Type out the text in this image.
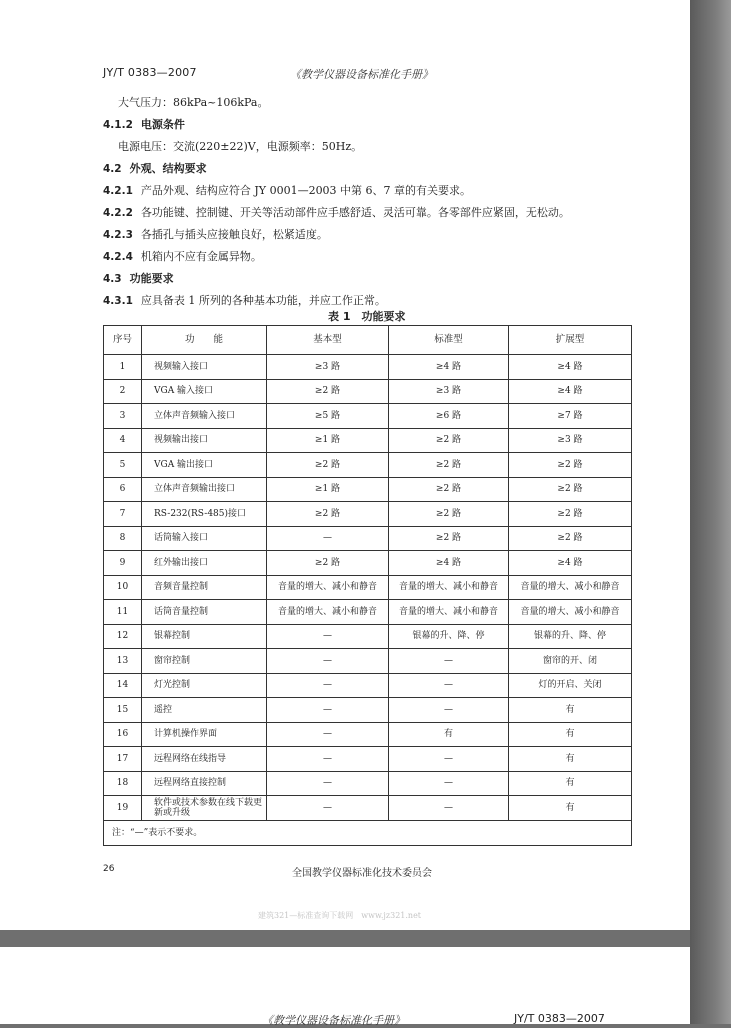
JY/T 0383—2007	《教学仪器设备标准化手册》
大气压力：86kPa~106kPa。
4.1.2 电源条件
电源电压：交流(220±22)V，电源频率：50Hz。
4.2 外观、结构要求
4.2.1 产品外观、结构应符合 JY 0001—2003 中第 6、7 章的有关要求。
4.2.2 各功能键、控制键、开关等活动部件应手感舒适、灵活可靠。各零部件应紧固，无松动。
4.2.3 各插孔与插头应接触良好，松紧适度。
4.2.4 机箱内不应有金属异物。
4.3 功能要求
4.3.1 应具备表 1 所列的各种基本功能，并应工作正常。
表 1　功能要求
序号	功　　能	基本型	标准型	扩展型
1	视频输入接口	≥3 路	≥4 路	≥4 路
2	VGA 输入接口	≥2 路	≥3 路	≥4 路
3	立体声音频输入接口	≥5 路	≥6 路	≥7 路
4	视频输出接口	≥1 路	≥2 路	≥3 路
5	VGA 输出接口	≥2 路	≥2 路	≥2 路
6	立体声音频输出接口	≥1 路	≥2 路	≥2 路
7	RS-232(RS-485)接口	≥2 路	≥2 路	≥2 路
8	话筒输入接口	—	≥2 路	≥2 路
9	红外输出接口	≥2 路	≥4 路	≥4 路
10	音频音量控制	音量的增大、减小和静音	音量的增大、减小和静音	音量的增大、减小和静音
11	话筒音量控制	音量的增大、减小和静音	音量的增大、减小和静音	音量的增大、减小和静音
12	银幕控制	—	银幕的升、降、停	银幕的升、降、停
13	窗帘控制	—	—	窗帘的开、闭
14	灯光控制	—	—	灯的开启、关闭
15	遥控	—	—	有
16	计算机操作界面	—	有	有
17	远程网络在线指导	—	—	有
18	远程网络直接控制	—	—	有
19	软件或技术参数在线下载更新或升级	—	—	有
注：“—”表示不要求。				
26	全国教学仪器标准化技术委员会
建筑321—标准查询下载网　www.jz321.net
《教学仪器设备标准化手册》	JY/T 0383—2007
